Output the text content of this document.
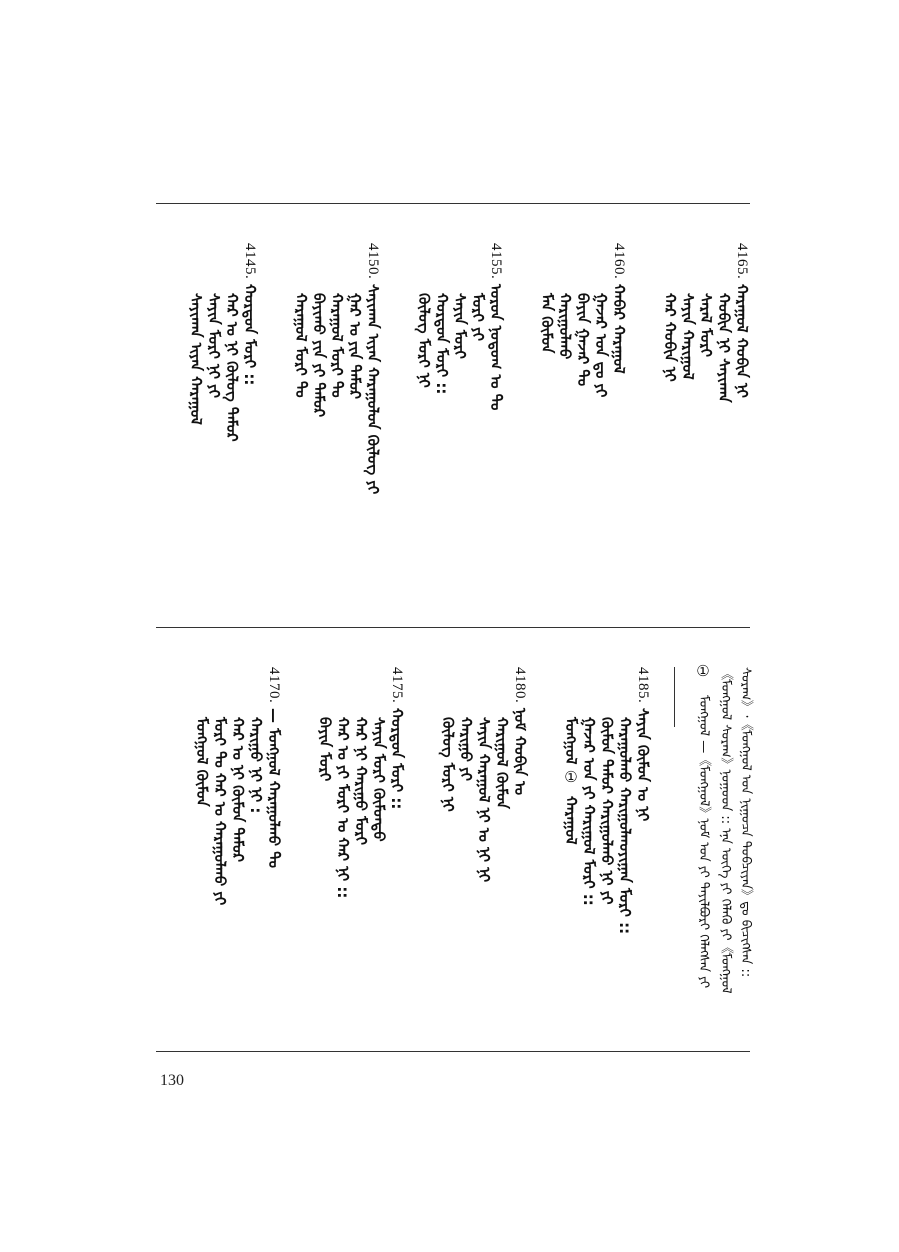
4165.ᠬᠠᠷᠠᠭᠤᠯ ᠬᠤᠪᠢᠨ ᠨᠢ
ᠬᠤᠪᠢᠨ ᠨᠢ ᠰᠠᠶᠢᠬᠠᠨ
ᠰᠠᠷᠠᠯ ᠮᠤᠷᠢ
ᠰᠠᠶᠢᠨ ᠬᠠᠷᠢᠭᠤᠯ
ᠬᠠᠷ ᠬᠤᠪᠢᠨ ᠨᠢ
4160.ᠬᠠᠪᠠᠷ ᠬᠠᠷᠠᠭᠤᠯ
ᠭᠠᠵᠠᠷ ᠤᠨ ᠳᠤ ᠶᠢ
ᠪᠠᠶᠢᠨ ᠭᠠᠵᠠᠷ ᠲᠤ
ᠬᠠᠷᠢᠭᠤᠯᠬᠤ
ᠮᠠᠨ ᠬᠦᠮᠦᠨ
4155.ᠣᠷᠣᠨ ᠨᠤᠲᠤᠭ ᠤ ᠲᠤ
ᠮᠤᠷᠢ ᠶᠢ
ᠰᠠᠶᠢᠨ ᠮᠣᠷᠢ
ᠬᠤᠷᠳᠤᠨ ᠮᠣᠷᠢ ::
ᠬᠦᠯᠦᠭ ᠮᠣᠷᠢ ᠨᠢ
4150.ᠰᠠᠶᠢᠬᠠᠨ ᠢᠶᠡᠨ ᠬᠠᠷᠠᠭᠤᠯᠤᠨ ᠬᠦᠯᠦᠭ ᠶᠢ
ᠭᠠᠷ ᠤ ᠶᠢᠨ ᠲᠡᠮᠦᠷ
ᠬᠠᠷᠠᠭᠤᠯ ᠮᠣᠷᠢ ᠲᠤ
ᠪᠠᠶᠢᠬᠤ ᠶᠢᠨ ᠶᠢ ᠲᠡᠮᠦᠷ
ᠬᠠᠷᠠᠭᠤᠯ ᠮᠣᠷᠢ ᠲᠤ
4145.ᠬᠤᠷᠳᠤᠨ ᠮᠣᠷᠢ ::
ᠬᠠᠷ ᠤ ᠨᠢ ᠬᠦᠯᠦᠭ ᠲᠡᠮᠦᠷ
ᠰᠠᠶᠢᠨ ᠮᠣᠷᠢ ᠨᠢ ᠶᠢ
ᠰᠠᠶᠢᠬᠠᠨ ᠢᠶᠡᠨ ᠬᠠᠷᠠᠭᠤᠯ
ᠰᠤᠷᠠᠭ》᠂《ᠮᠤᠩᠭᠤᠯ ᠤᠨ ᠨᠢᠭᠤᠴᠠ ᠲᠣᠪᠴᠢᠶᠠᠨ》ᠳᠤ ᠪᠢᠴᠢᠭᠰᠡᠨ ::
《ᠮᠤᠩᠭᠤᠯ ᠰᠤᠷᠠᠭ》ᠨᠤᠭᠤᠳ :: ᠡᠨᠡ ᠦᠭᠡ ᠶᠢ ᠬᠡᠯᠡᠬᠦ ᠶᠢ《ᠮᠤᠩᠭᠤᠯ
①ᠮᠤᠩᠭᠤᠯ —《ᠮᠤᠩᠭᠤᠯ》ᠨᠣᠮ ᠤᠨ ᠶᠢ ᠲᠠᠶᠢᠯᠪᠤᠷᠢ ᠬᠡᠯᠡᠭᠰᠡᠨ ᠶᠢ
4185.ᠰᠠᠶᠢᠨ ᠬᠦᠮᠦᠨ ᠤ ᠨᠢ
ᠬᠠᠷᠠᠭᠤᠯᠬᠤ ᠬᠠᠷᠢᠭᠤᠯᠬᠤᠶᠢᠭᠠᠨ ᠮᠣᠷᠢ ::
ᠬᠦᠮᠦᠨ ᠲᠡᠮᠦᠷ ᠬᠠᠷᠢᠭᠤᠯᠬᠤ ᠨᠢ ᠶᠢ
ᠭᠠᠵᠠᠷ ᠤᠨ ᠶᠢ ᠬᠠᠷᠢᠭᠤᠯ ᠮᠣᠷᠢ ::
ᠮᠤᠩᠭᠤᠯ①ᠬᠠᠷᠠᠭᠤᠯ
4180.ᠨᠣᠮ ᠬᠤᠪᠢᠨ ᠤ
ᠬᠠᠷᠢᠭᠤᠯ ᠬᠦᠮᠦᠨ
ᠰᠠᠶᠢᠨ ᠬᠠᠷᠠᠭᠤᠯ ᠨᠢ ᠤ ᠨᠢ ᠨᠢ
ᠬᠠᠷᠢᠭᠤ ᠶᠢ
ᠬᠦᠯᠦᠭ ᠮᠣᠷᠢ ᠨᠢ
4175.ᠬᠤᠷᠳᠤᠨ ᠮᠣᠷᠢ ::
ᠰᠠᠶᠢᠨ ᠮᠣᠷᠢ ᠬᠦᠮᠦᠨᠳᠤ
ᠬᠠᠷ ᠨᠢ ᠬᠠᠷᠢᠭᠤ ᠮᠣᠷᠢ
ᠬᠠᠷ ᠤ ᠶᠢ ᠮᠣᠷᠢ ᠤ ᠬᠠᠷ ᠨᠢ ::
ᠪᠠᠶᠢᠨ ᠮᠣᠷᠢ
4170.— ᠮᠤᠩᠭᠤᠯ ᠬᠠᠷᠠᠭᠤᠯᠬᠤ ᠲᠤ
ᠬᠠᠷᠢᠭᠤ ᠨᠢ ᠨᠢ :
ᠬᠠᠷ ᠤ ᠨᠢ ᠬᠦᠮᠦᠨ ᠲᠡᠮᠦᠷ
ᠮᠣᠷᠢ ᠲᠤ ᠬᠠᠷ ᠤ ᠬᠠᠷᠠᠭᠤᠯᠬᠤ ᠶᠢ
ᠮᠤᠩᠭᠤᠯ ᠬᠦᠮᠦᠨ
130
